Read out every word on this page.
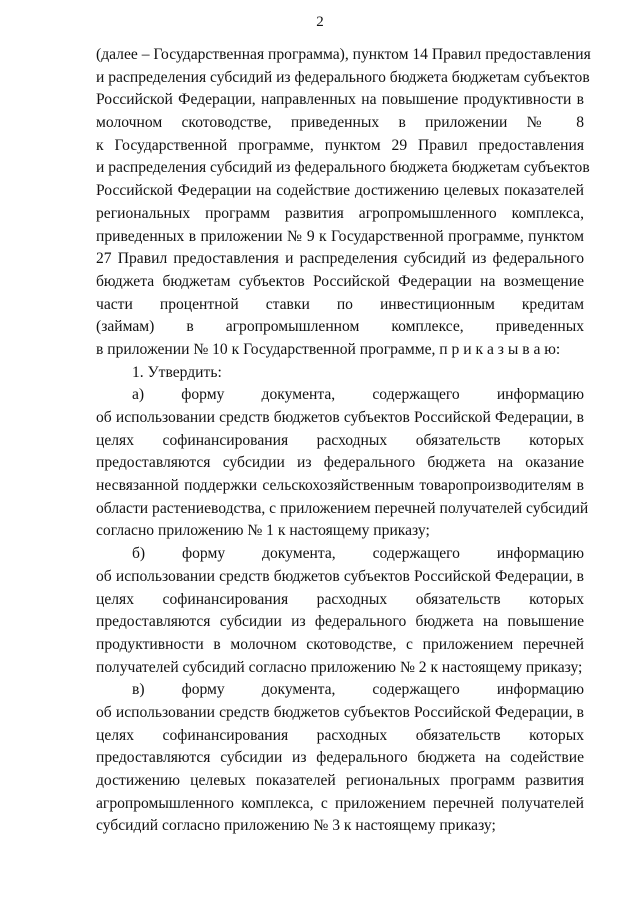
2
(далее – Государственная программа), пунктом 14 Правил предоставления
и распределения субсидий из федерального бюджета бюджетам субъектов
Российской Федерации, направленных на повышение продуктивности в
молочном скотоводстве, приведенных в приложении № 8
к Государственной программе, пунктом 29 Правил предоставления
и распределения субсидий из федерального бюджета бюджетам субъектов
Российской Федерации на содействие достижению целевых показателей
региональных программ развития агропромышленного комплекса,
приведенных в приложении № 9 к Государственной программе, пунктом
27 Правил предоставления и распределения субсидий из федерального
бюджета бюджетам субъектов Российской Федерации на возмещение
части процентной ставки по инвестиционным кредитам
(займам) в агропромышленном комплексе, приведенных
в приложении № 10 к Государственной программе, п р и к а з ы в а ю:
1. Утвердить:
а) форму документа, содержащего информацию
об использовании средств бюджетов субъектов Российской Федерации, в
целях софинансирования расходных обязательств которых
предоставляются субсидии из федерального бюджета на оказание
несвязанной поддержки сельскохозяйственным товаропроизводителям в
области растениеводства, с приложением перечней получателей субсидий
согласно приложению № 1 к настоящему приказу;
б) форму документа, содержащего информацию
об использовании средств бюджетов субъектов Российской Федерации, в
целях софинансирования расходных обязательств которых
предоставляются субсидии из федерального бюджета на повышение
продуктивности в молочном скотоводстве, с приложением перечней
получателей субсидий согласно приложению № 2 к настоящему приказу;
в) форму документа, содержащего информацию
об использовании средств бюджетов субъектов Российской Федерации, в
целях софинансирования расходных обязательств которых
предоставляются субсидии из федерального бюджета на содействие
достижению целевых показателей региональных программ развития
агропромышленного комплекса, с приложением перечней получателей
субсидий согласно приложению № 3 к настоящему приказу;
